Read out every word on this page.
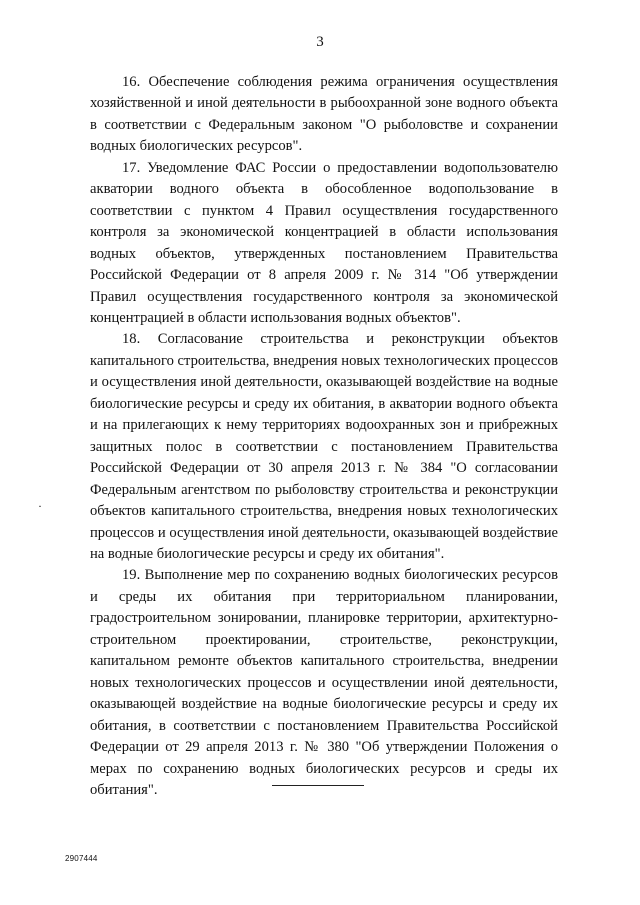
3

16. Обеспечение соблюдения режима ограничения осуществления хозяйственной и иной деятельности в рыбоохранной зоне водного объекта в соответствии с Федеральным законом "О рыболовстве и сохранении водных биологических ресурсов".

17. Уведомление ФАС России о предоставлении водопользователю акватории водного объекта в обособленное водопользование в соответствии с пунктом 4 Правил осуществления государственного контроля за экономической концентрацией в области использования водных объектов, утвержденных постановлением Правительства Российской Федерации от 8 апреля 2009 г. № 314 "Об утверждении Правил осуществления государственного контроля за экономической концентрацией в области использования водных объектов".

18. Согласование строительства и реконструкции объектов капитального строительства, внедрения новых технологических процессов и осуществления иной деятельности, оказывающей воздействие на водные биологические ресурсы и среду их обитания, в акватории водного объекта и на прилегающих к нему территориях водоохранных зон и прибрежных защитных полос в соответствии с постановлением Правительства Российской Федерации от 30 апреля 2013 г. № 384 "О согласовании Федеральным агентством по рыболовству строительства и реконструкции объектов капитального строительства, внедрения новых технологических процессов и осуществления иной деятельности, оказывающей воздействие на водные биологические ресурсы и среду их обитания".

19. Выполнение мер по сохранению водных биологических ресурсов и среды их обитания при территориальном планировании, градостроительном зонировании, планировке территории, архитектурно-строительном проектировании, строительстве, реконструкции, капитальном ремонте объектов капитального строительства, внедрении новых технологических процессов и осуществлении иной деятельности, оказывающей воздействие на водные биологические ресурсы и среду их обитания, в соответствии с постановлением Правительства Российской Федерации от 29 апреля 2013 г. № 380 "Об утверждении Положения о мерах по сохранению водных биологических ресурсов и среды их обитания".

·
2907444
